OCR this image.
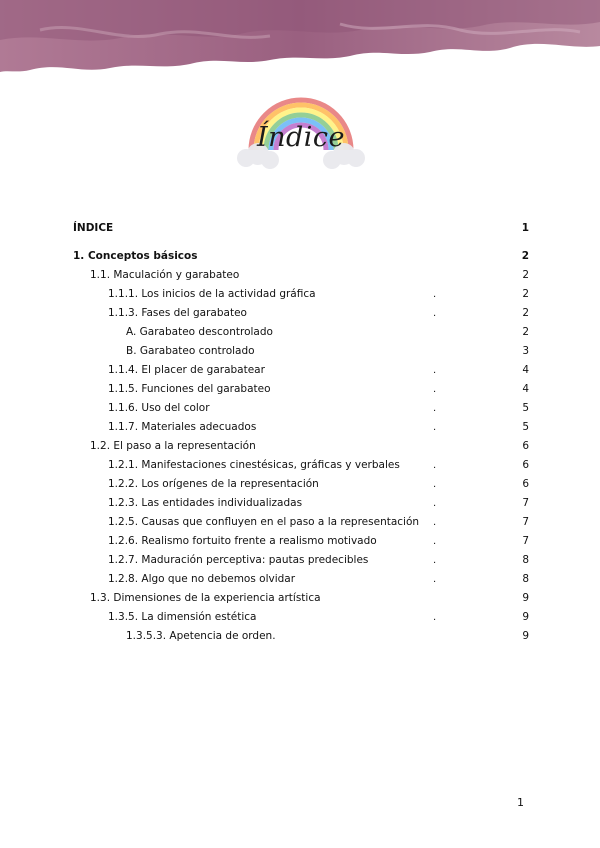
Índice
ÍNDICE	1
1. Conceptos básicos	2
1.1. Maculación y garabateo	2
1.1.1. Los inicios de la actividad gráfica	.	2
1.1.3. Fases del garabateo	.	2
A. Garabateo descontrolado	2
B. Garabateo controlado	3
1.1.4. El placer de garabatear	.	4
1.1.5. Funciones del garabateo	.	4
1.1.6. Uso del color	.	5
1.1.7. Materiales adecuados	.	5
1.2. El paso a la representación	6
1.2.1. Manifestaciones cinestésicas, gráficas y verbales	.	6
1.2.2. Los orígenes de la representación	.	6
1.2.3. Las entidades individualizadas	.	7
1.2.5. Causas que confluyen en el paso a la representación .	7
1.2.6. Realismo fortuito frente a realismo motivado	.	7
1.2.7. Maduración perceptiva: pautas predecibles	.	8
1.2.8. Algo que no debemos olvidar	.	8
1.3. Dimensiones de la experiencia artística	9
1.3.5. La dimensión estética	.	9
1.3.5.3. Apetencia de orden.	9
1
